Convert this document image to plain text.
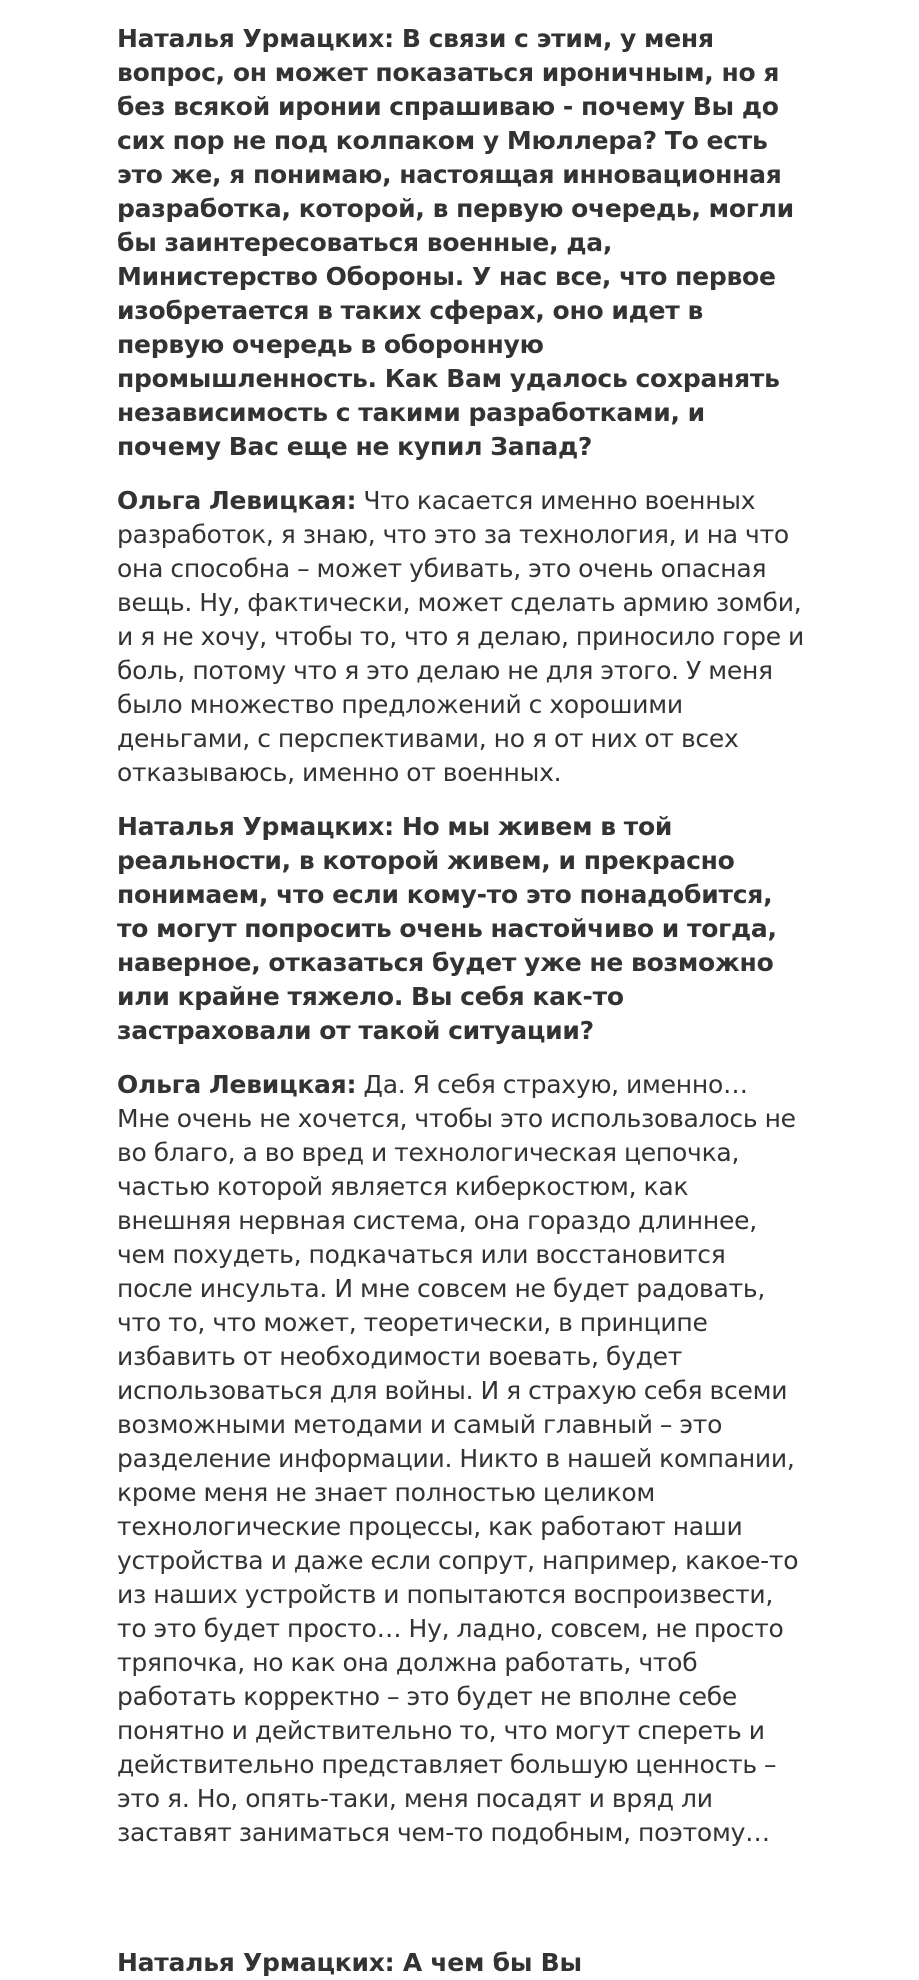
Наталья Урмацких: В связи с этим, у меня вопрос, он может показаться ироничным, но я без всякой иронии спрашиваю - почему Вы до сих пор не под колпаком у Мюллера? То есть это же, я понимаю, настоящая инновационная разработка, которой, в первую очередь, могли бы заинтересоваться военные, да, Министерство Обороны. У нас все, что первое изобретается в таких сферах, оно идет в первую очередь в оборонную промышленность. Как Вам удалось сохранять независимость с такими разработками, и почему Вас еще не купил Запад?

Ольга Левицкая: Что касается именно военных разработок, я знаю, что это за технология, и на что она способна – может убивать, это очень опасная вещь. Ну, фактически, может сделать армию зомби, и я не хочу, чтобы то, что я делаю, приносило горе и боль, потому что я это делаю не для этого. У меня было множество предложений с хорошими деньгами, с перспективами, но я от них от всех отказываюсь, именно от военных.

Наталья Урмацких: Но мы живем в той реальности, в которой живем, и прекрасно понимаем, что если кому-то это понадобится, то могут попросить очень настойчиво и тогда, наверное, отказаться будет уже не возможно или крайне тяжело. Вы себя как-то застраховали от такой ситуации?

Ольга Левицкая: Да. Я себя страхую, именно… Мне очень не хочется, чтобы это использовалось не во благо, а во вред и технологическая цепочка, частью которой является киберкостюм, как внешняя нервная система, она гораздо длиннее, чем похудеть, подкачаться или восстановится после инсульта. И мне совсем не будет радовать, что то, что может, теоретически, в принципе избавить от необходимости воевать, будет использоваться для войны. И я страхую себя всеми возможными методами и самый главный – это разделение информации. Никто в нашей компании, кроме меня не знает полностью целиком технологические процессы, как работают наши устройства и даже если сопрут, например, какое-то из наших устройств и попытаются воспроизвести, то это будет просто… Ну, ладно, совсем, не просто тряпочка, но как она должна работать, чтоб работать корректно – это будет не вполне себе понятно и действительно то, что могут спереть и действительно представляет большую ценность – это я. Но, опять-таки, меня посадят и вряд ли заставят заниматься чем-то подобным, поэтому…

Наталья Урмацких: А чем бы Вы
